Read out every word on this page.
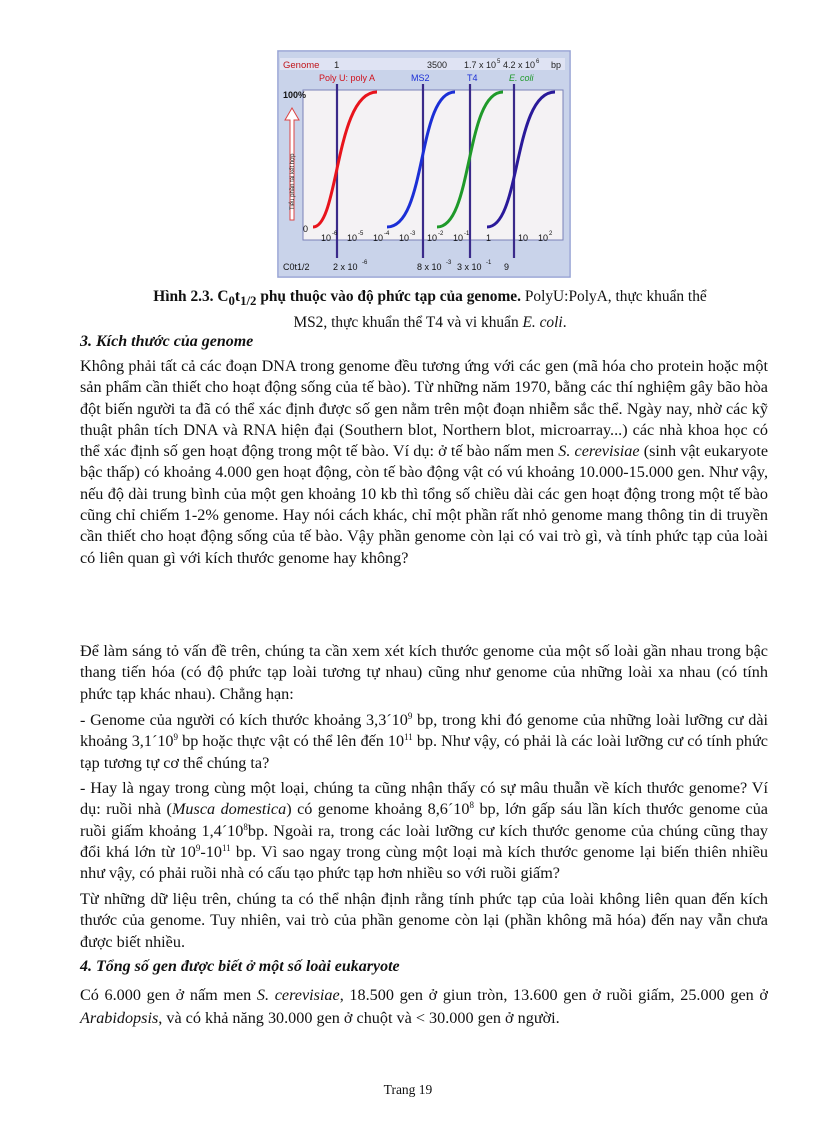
Genome 1	3500 1.7 x 10 5 4.2 x 10 6 bp
Poly U: poly A	MS2	T4	E. coli
100%
Tiểu phần tái kết hợp
0
10 -6 10 -5 10 -4 10 -3 10 -2 10 -1 1	10 10 2
C0t1/2	2 x 10 -6	8 x 10 -3 3 x 10 -1 9
Hình 2.3. $C_0t_{1/2}$ phụ thuộc vào độ phức tạp của genome. PolyU:PolyA, thực khuẩn thể
MS2, thực khuẩn thể T4 và vi khuẩn E. coli.
3. Kích thước của genome

Không phải tất cả các đoạn DNA trong genome đều tương ứng với các gen (mã hóa cho protein hoặc một sản phẩm cần thiết cho hoạt động sống của tế bào). Từ những năm 1970, bằng các thí nghiệm gây bão hòa đột biến người ta đã có thể xác định được số gen nằm trên một đoạn nhiễm sắc thể. Ngày nay, nhờ các kỹ thuật phân tích DNA và RNA hiện đại (Southern blot, Northern blot, microarray...) các nhà khoa học có thể xác định số gen hoạt động trong một tế bào. Ví dụ: ở tế bào nấm men S. cerevisiae (sinh vật eukaryote bậc thấp) có khoảng 4.000 gen hoạt động, còn tế bào động vật có vú khoảng 10.000-15.000 gen. Như vậy, nếu độ dài trung bình của một gen khoảng 10 kb thì tổng số chiều dài các gen hoạt động trong một tế bào cũng chỉ chiếm 1-2% genome. Hay nói cách khác, chỉ một phần rất nhỏ genome mang thông tin di truyền cần thiết cho hoạt động sống của tế bào. Vậy phần genome còn lại có vai trò gì, và tính phức tạp của loài có liên quan gì với kích thước genome hay không?

Để làm sáng tỏ vấn đề trên, chúng ta cần xem xét kích thước genome của một số loài gần nhau trong bậc thang tiến hóa (có độ phức tạp loài tương tự nhau) cũng như genome của những loài xa nhau (có tính phức tạp khác nhau). Chẳng hạn:

- Genome của người có kích thước khoảng $3,3´10^9$ bp, trong khi đó genome của những loài lưỡng cư dài khoảng $3,1´10^9$ bp hoặc thực vật có thể lên đến $10^{11}$ bp. Như vậy, có phải là các loài lưỡng cư có tính phức tạp tương tự cơ thể chúng ta?

- Hay là ngay trong cùng một loại, chúng ta cũng nhận thấy có sự mâu thuẫn về kích thước genome? Ví dụ: ruồi nhà (Musca domestica) có genome khoảng $8,6´10^8$ bp, lớn gấp sáu lần kích thước genome của ruồi giấm khoảng $1,4´10^8bp$. Ngoài ra, trong các loài lưỡng cư kích thước genome của chúng cũng thay đổi khá lớn từ $10^9-10^{11}$ bp. Vì sao ngay trong cùng một loại mà kích thước genome lại biến thiên nhiều như vậy, có phải ruồi nhà có cấu tạo phức tạp hơn nhiều so với ruồi giấm?

Từ những dữ liệu trên, chúng ta có thể nhận định rằng tính phức tạp của loài không liên quan đến kích thước của genome. Tuy nhiên, vai trò của phần genome còn lại (phần không mã hóa) đến nay vẫn chưa được biết nhiều.

4. Tổng số gen được biết ở một số loài eukaryote

Có 6.000 gen ở nấm men S. cerevisiae, 18.500 gen ở giun tròn, 13.600 gen ở ruồi giấm, 25.000 gen ở Arabidopsis, và có khả năng 30.000 gen ở chuột và < 30.000 gen ở người.

Trang 19
